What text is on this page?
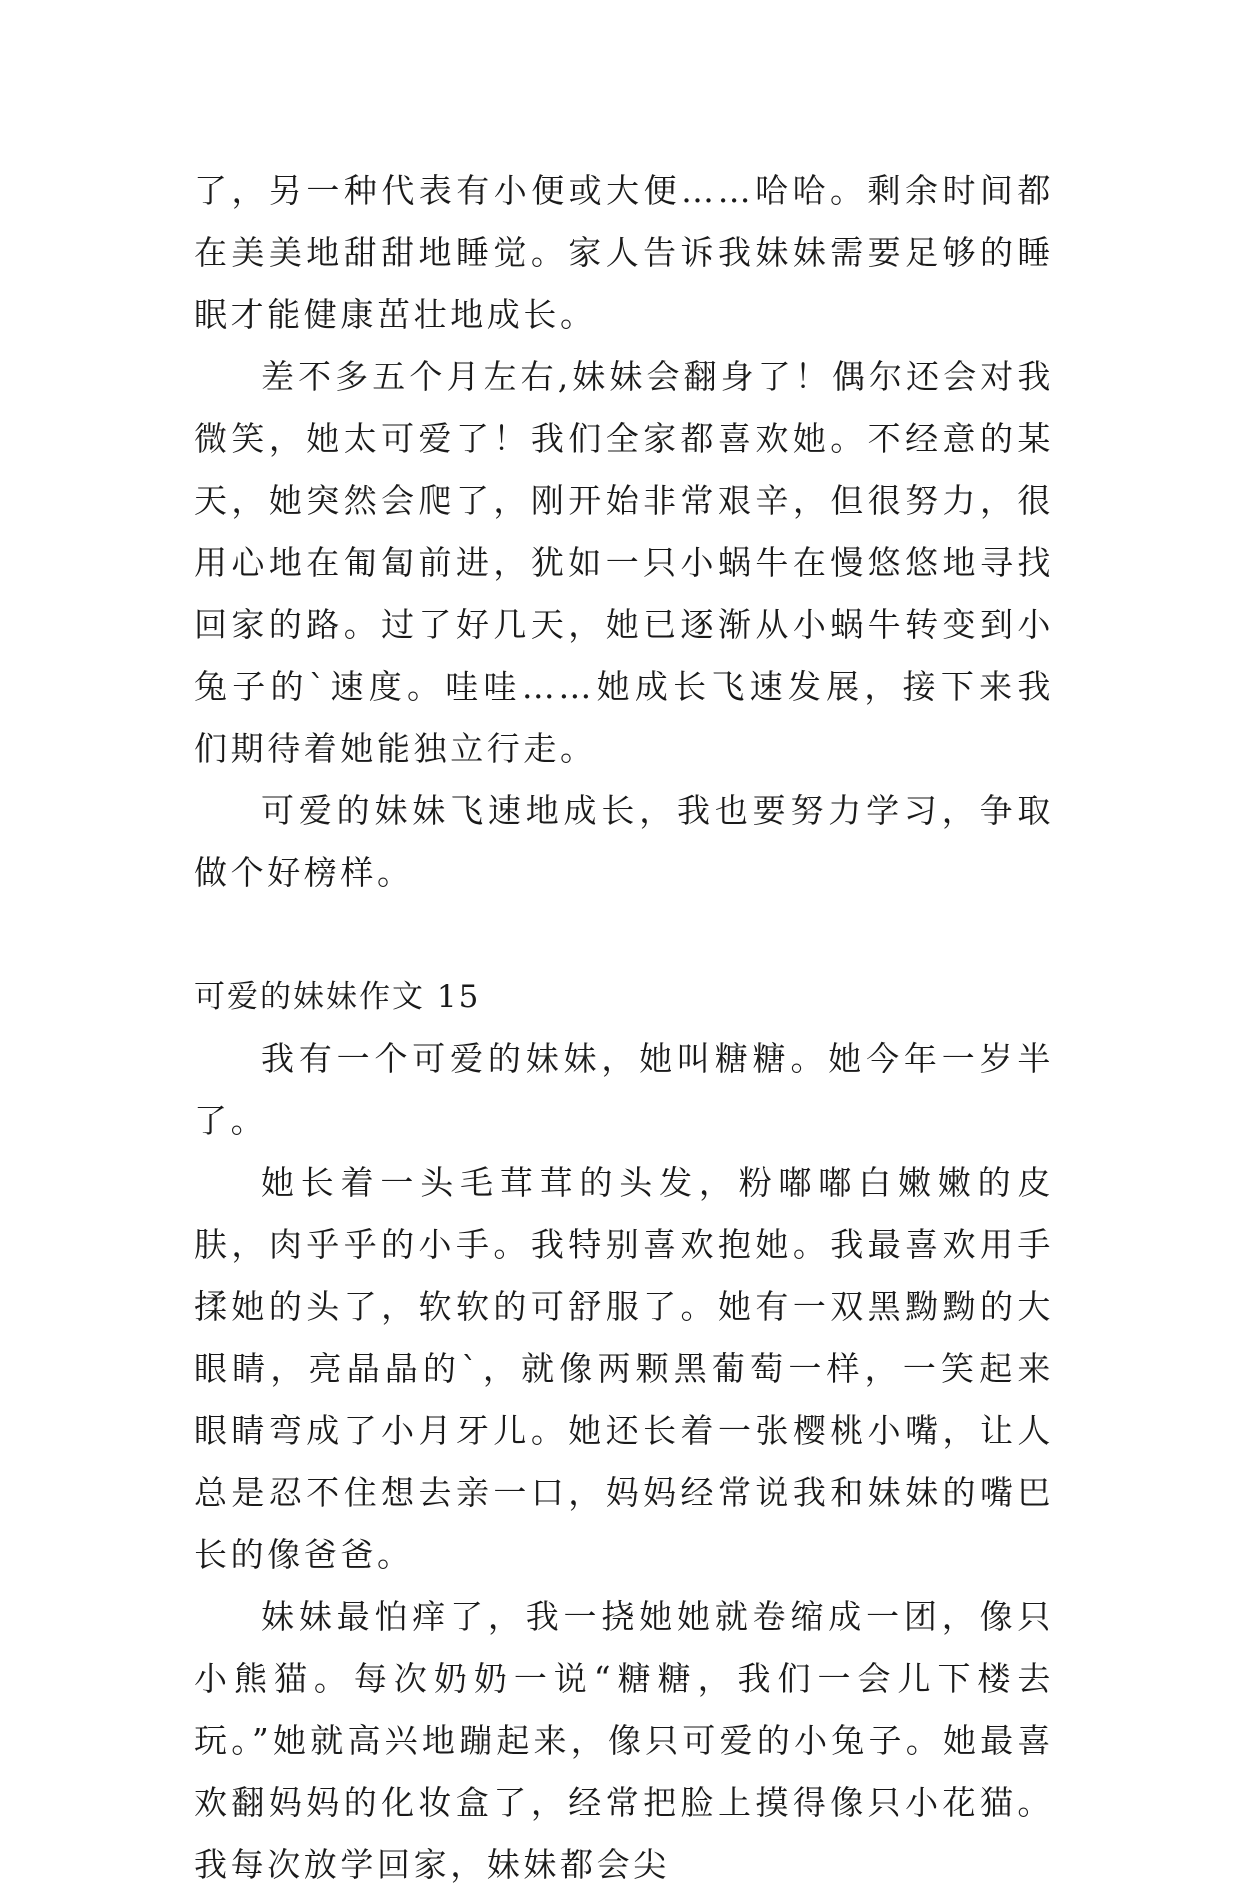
了，另一种代表有小便或大便……哈哈。剩余时间都在美美地甜甜地睡觉。家人告诉我妹妹需要足够的睡眠才能健康茁壮地成长。

差不多五个月左右,妹妹会翻身了！偶尔还会对我微笑，她太可爱了！我们全家都喜欢她。不经意的某天，她突然会爬了，刚开始非常艰辛，但很努力，很用心地在匍匐前进，犹如一只小蜗牛在慢悠悠地寻找回家的路。过了好几天，她已逐渐从小蜗牛转变到小兔子的`速度。哇哇……她成长飞速发展，接下来我们期待着她能独立行走。

可爱的妹妹飞速地成长，我也要努力学习，争取做个好榜样。

可爱的妹妹作文 15

我有一个可爱的妹妹，她叫糖糖。她今年一岁半了。

她长着一头毛茸茸的头发，粉嘟嘟白嫩嫩的皮肤，肉乎乎的小手。我特别喜欢抱她。我最喜欢用手揉她的头了，软软的可舒服了。她有一双黑黝黝的大眼睛，亮晶晶的`，就像两颗黑葡萄一样，一笑起来眼睛弯成了小月牙儿。她还长着一张樱桃小嘴，让人总是忍不住想去亲一口，妈妈经常说我和妹妹的嘴巴长的像爸爸。

妹妹最怕痒了，我一挠她她就卷缩成一团，像只小熊猫。每次奶奶一说“糖糖，我们一会儿下楼去玩。”她就高兴地蹦起来，像只可爱的小兔子。她最喜欢翻妈妈的化妆盒了，经常把脸上摸得像只小花猫。我每次放学回家，妹妹都会尖
